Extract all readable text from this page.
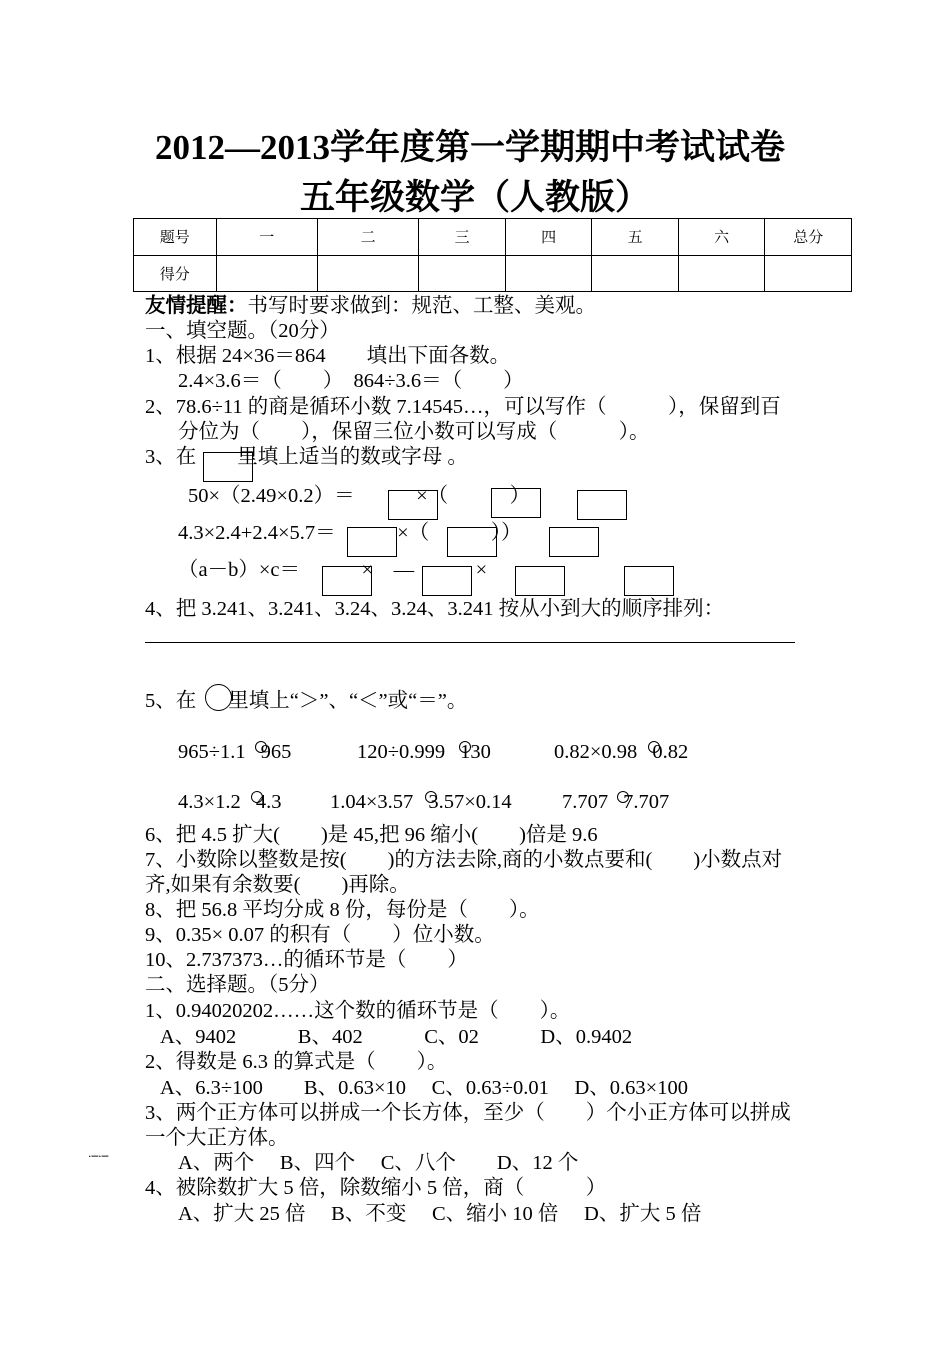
2012—2013学年度第一学期期中考试试卷
五年级数学（人教版）
题号	一	二	三	四	五	六	总分
得分							
友情提醒：书写时要求做到：规范、工整、美观。
一、填空题。（20分）
1、根据 24×36＝864　　填出下面各数。
2.4×3.6＝（　　）　864÷3.6＝（　　）
2、78.6÷11 的商是循环小数 7.14545…，可以写作（　　　），保留到百
分位为（　　），保留三位小数可以写成（　　　）。
3、在　　里填上适当的数或字母 。
50×（2.49×0.2）＝　　　×（　　　）
4.3×2.4+2.4×5.7＝　　　×（　　　））
（a－b）×c＝　　　×　—　　　×
4、把 3.241、3.241、3.24、3.24、3.241 按从小到大的顺序排列：
5、在 里填上“＞”、“＜”或“＝”。
965÷1.1 965	120÷0.999 130	0.82×0.98 0.82
4.3×1.2 4.3 1.04×3.57 3.57×0.14 7.707 7.707
6、把 4.5 扩大(　　)是 45,把 96 缩小(　　)倍是 9.6
7、小数除以整数是按(　　)的方法去除,商的小数点要和(　　)小数点对
齐,如果有余数要(　　)再除。
8、把 56.8 平均分成 8 份，每份是（　　）。
9、0.35× 0.07 的积有（　　）位小数。
10、2.737373…的循环节是（　　）
二、选择题。（5分）
1、0.94020202……这个数的循环节是（　　）。
A、9402　　　B、402　　　C、02　　　D、0.9402
2、得数是 6.3 的算式是（　　）。
A、6.3÷100　　B、0.63×10　 C、0.63÷0.01　 D、0.63×100
3、两个正方体可以拼成一个长方体，至少（　　）个小正方体可以拼成
一个大正方体。
·─·─	A、两个　 B、四个　 C、八个　　D、12 个
4、被除数扩大 5 倍，除数缩小 5 倍，商（　　　）
A、扩大 25 倍　 B、不变　 C、缩小 10 倍　 D、扩大 5 倍
